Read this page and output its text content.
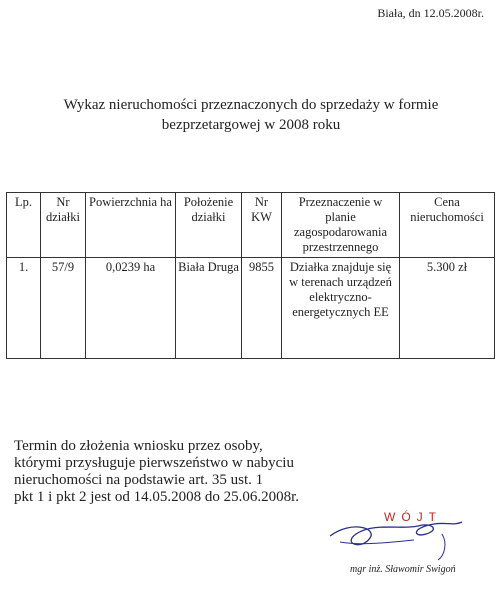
Biała, dn 12.05.2008r.
Wykaz nieruchomości przeznaczonych do sprzedaży w formie
bezprzetargowej w 2008 roku
Lp.	Nr działki	Powierzchnia ha	Położenie działki	Nr KW	Przeznaczenie w planie zagospodarowania przestrzennego	Cena nieruchomości
1.	57/9	0,0239 ha	Biała Druga	9855	Działka znajduje się w terenach urządzeń elektryczno-energetycznych EE	5.300 zł
Termin do złożenia wniosku przez osoby,
którymi przysługuje pierwszeństwo w nabyciu
nieruchomości na podstawie art. 35 ust. 1
pkt 1 i pkt 2 jest od 14.05.2008 do 25.06.2008r.
WÓJT
mgr inż. Sławomir Swigoń
